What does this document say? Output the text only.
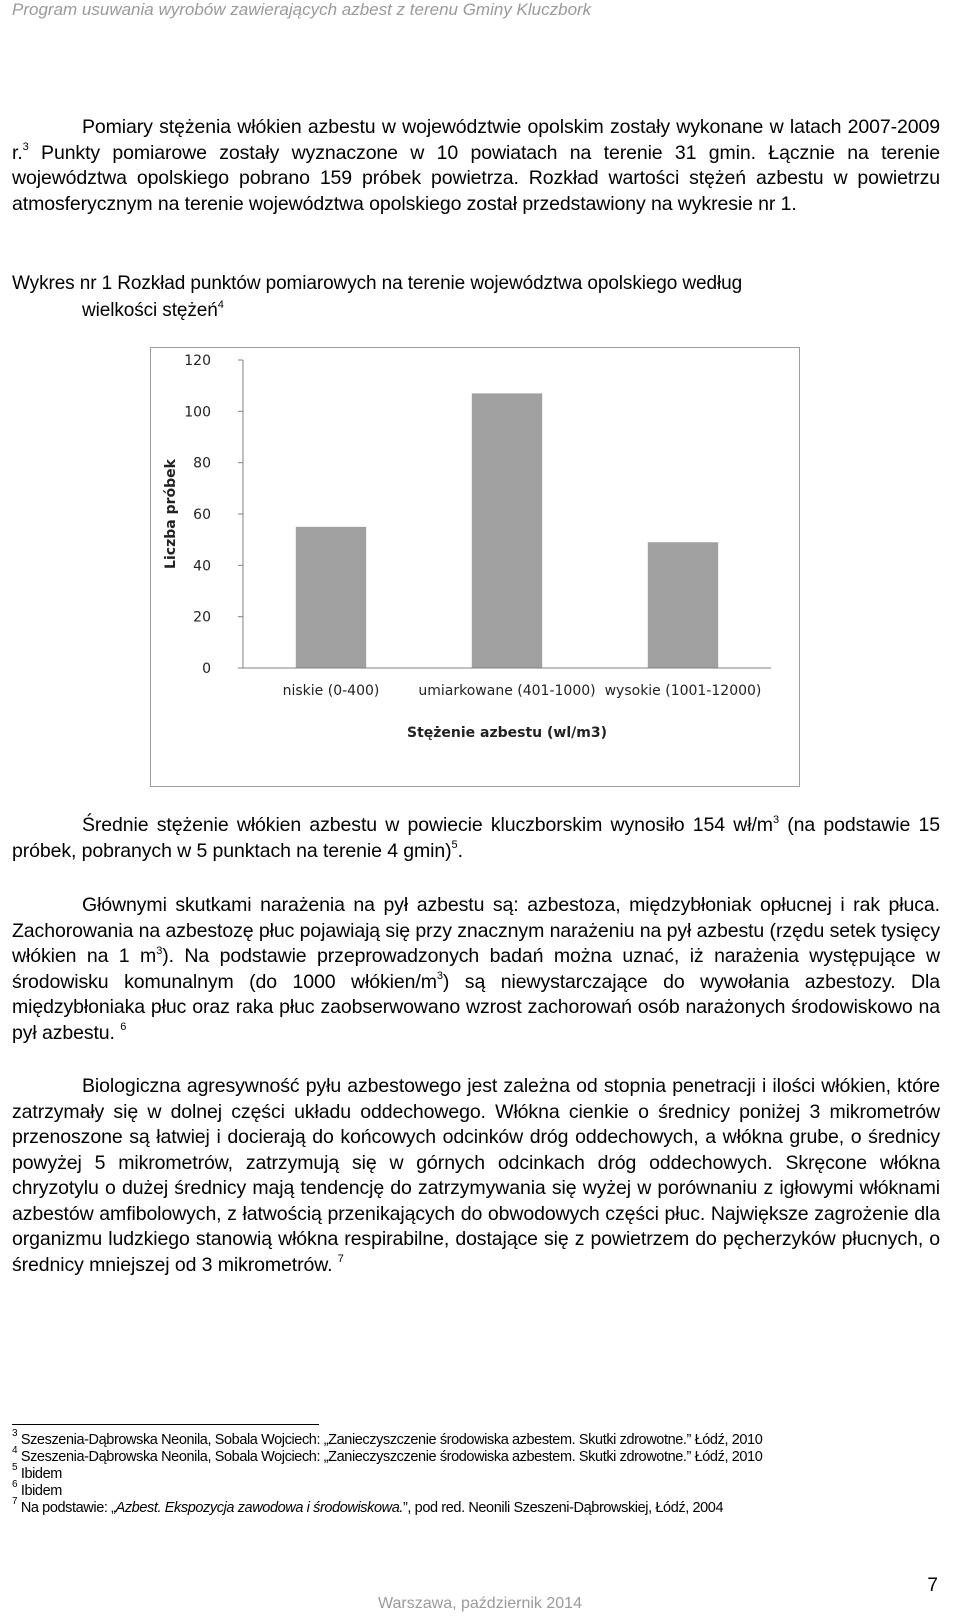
Program usuwania wyrobów zawierających azbest z terenu Gminy Kluczbork

Pomiary stężenia włókien azbestu w województwie opolskim zostały wykonane w latach 2007-2009 r.$^3$ Punkty pomiarowe zostały wyznaczone w 10 powiatach na terenie 31 gmin. Łącznie na terenie województwa opolskiego pobrano 159 próbek powietrza. Rozkład wartości stężeń azbestu w powietrzu atmosferycznym na terenie województwa opolskiego został przedstawiony na wykresie nr 1.

Wykres nr 1 Rozkład punktów pomiarowych na terenie województwa opolskiego według
wielkości stężeń$^4$
0
20
40
60
80
100
120
niskie (0-400)	umiarkowane (401-1000) wysokie (1001-12000)
Liczba próbek
Stężenie azbestu (wl/m3)

Średnie stężenie włókien azbestu w powiecie kluczborskim wynosiło 154 $wł/m^3$ (na podstawie 15 próbek, pobranych w 5 punktach na terenie 4 gmin)$^5$.

Głównymi skutkami narażenia na pył azbestu są: azbestoza, międzybłoniak opłucnej i rak płuca. Zachorowania na azbestozę płuc pojawiają się przy znacznym narażeniu na pył azbestu (rzędu setek tysięcy włókien na 1 $m^3$). Na podstawie przeprowadzonych badań można uznać, iż narażenia występujące w środowisku komunalnym (do 1000 włókien/$m^3$) są niewystarczające do wywołania azbestozy. Dla międzybłoniaka płuc oraz raka płuc zaobserwowano wzrost zachorowań osób narażonych środowiskowo na pył azbestu. $^6$

Biologiczna agresywność pyłu azbestowego jest zależna od stopnia penetracji i ilości włókien, które zatrzymały się w dolnej części układu oddechowego. Włókna cienkie o średnicy poniżej 3 mikrometrów przenoszone są łatwiej i docierają do końcowych odcinków dróg oddechowych, a włókna grube, o średnicy powyżej 5 mikrometrów, zatrzymują się w górnych odcinkach dróg oddechowych. Skręcone włókna chryzotylu o dużej średnicy mają tendencję do zatrzymywania się wyżej w porównaniu z igłowymi włóknami azbestów amfibolowych, z łatwością przenikających do obwodowych części płuc. Największe zagrożenie dla organizmu ludzkiego stanowią włókna respirabilne, dostające się z powietrzem do pęcherzyków płucnych, o średnicy mniejszej od 3 mikrometrów. $^7$

$^3$ Szeszenia-Dąbrowska Neonila, Sobala Wojciech: „Zanieczyszczenie środowiska azbestem. Skutki zdrowotne.” Łódź, 2010
$^4$ Szeszenia-Dąbrowska Neonila, Sobala Wojciech: „Zanieczyszczenie środowiska azbestem. Skutki zdrowotne.” Łódź, 2010
$^5$ Ibidem
$^6$ Ibidem
$^7$ Na podstawie: „Azbest. Ekspozycja zawodowa i środowiskowa.”, pod red. Neonili Szeszeni-Dąbrowskiej, Łódź, 2004
7
Warszawa, październik 2014
